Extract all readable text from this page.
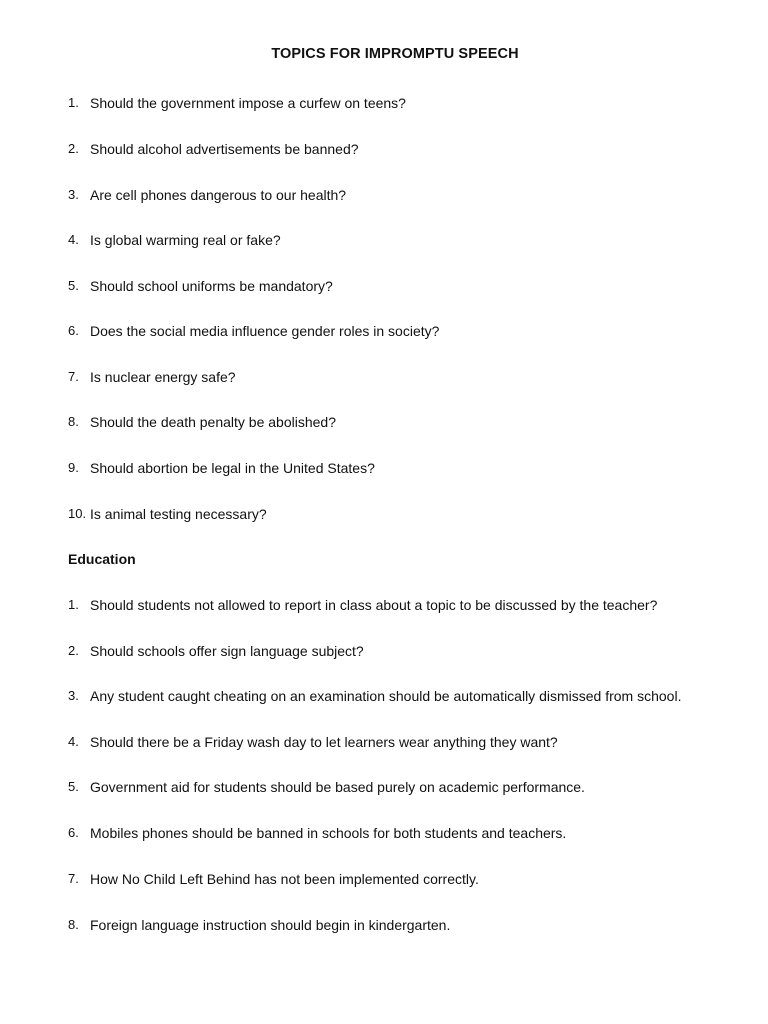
TOPICS FOR IMPROMPTU SPEECH
1. Should the government impose a curfew on teens?
2. Should alcohol advertisements be banned?
3. Are cell phones dangerous to our health?
4. Is global warming real or fake?
5. Should school uniforms be mandatory?
6. Does the social media influence gender roles in society?
7. Is nuclear energy safe?
8. Should the death penalty be abolished?
9. Should abortion be legal in the United States?
10. Is animal testing necessary?
Education
1. Should students not allowed to report in class about a topic to be discussed by the teacher?
2. Should schools offer sign language subject?
3. Any student caught cheating on an examination should be automatically dismissed from school.
4. Should there be a Friday wash day to let learners wear anything they want?
5. Government aid for students should be based purely on academic performance.
6. Mobiles phones should be banned in schools for both students and teachers.
7. How No Child Left Behind has not been implemented correctly.
8. Foreign language instruction should begin in kindergarten.
